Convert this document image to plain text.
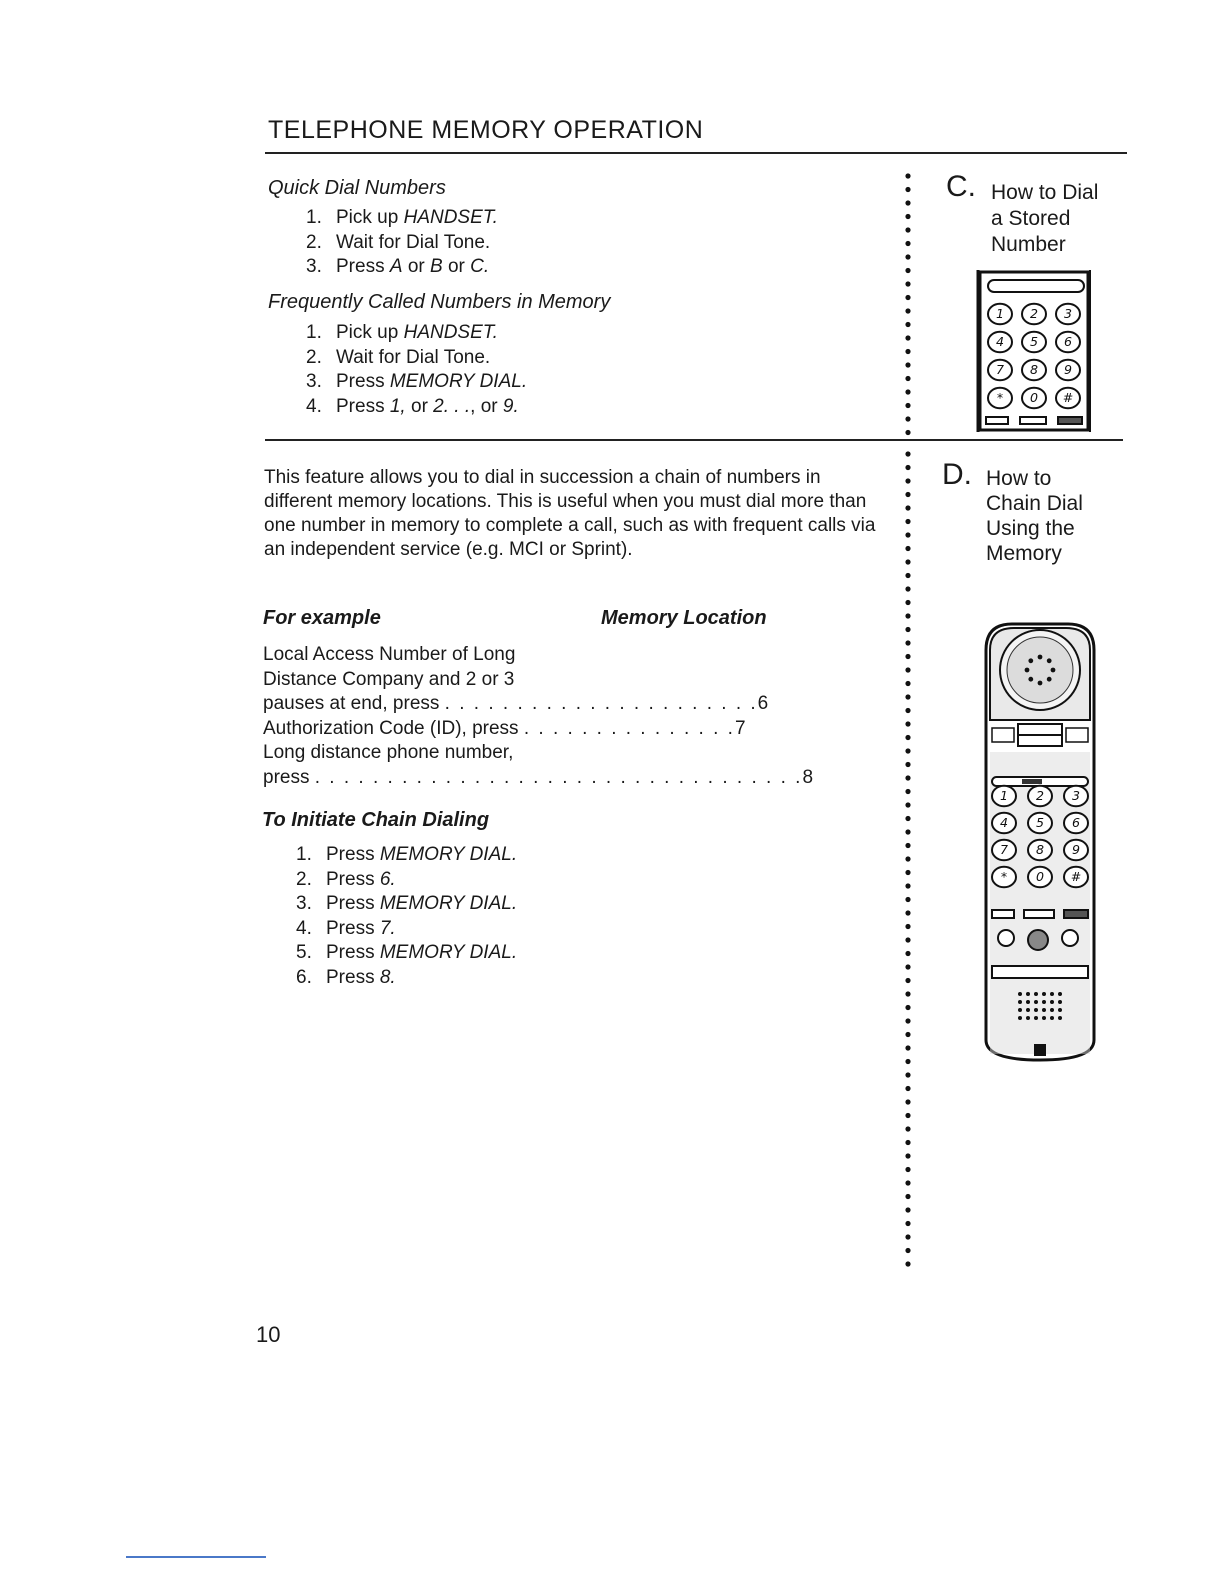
TELEPHONE MEMORY OPERATION
Quick Dial Numbers
1. Pick up HANDSET.
2. Wait for Dial Tone.
3. Press A or B or C.
Frequently Called Numbers in Memory
1. Pick up HANDSET.
2. Wait for Dial Tone.
3. Press MEMORY DIAL.
4. Press 1, or 2. . ., or 9.
C. How to Dial
a Stored
Number
1 2 3
4 5 6
7 8 9
* 0 #

This feature allows you to dial in succession a chain of numbers in different memory locations. This is useful when you must dial more than one number in memory to complete a call, such as with frequent calls via an independent service (e.g. MCI or Sprint).

D. How to
Chain Dial
Using the
Memory
For example	Memory Location
Local Access Number of Long
Distance Company and 2 or 3
pauses at end, press . . . . . . . . . . . . . . . . . . . . . .6
Authorization Code (ID), press . . . . . . . . . . . . . . .7
Long distance phone number,
press . . . . . . . . . . . . . . . . . . . . . . . . . . . . . . . . . .8
To Initiate Chain Dialing
1. Press MEMORY DIAL.
2. Press 6.
3. Press MEMORY DIAL.
4. Press 7.
5. Press MEMORY DIAL.
6. Press 8.
1 2 3
4 5 6
7 8 9
* 0 #
10
